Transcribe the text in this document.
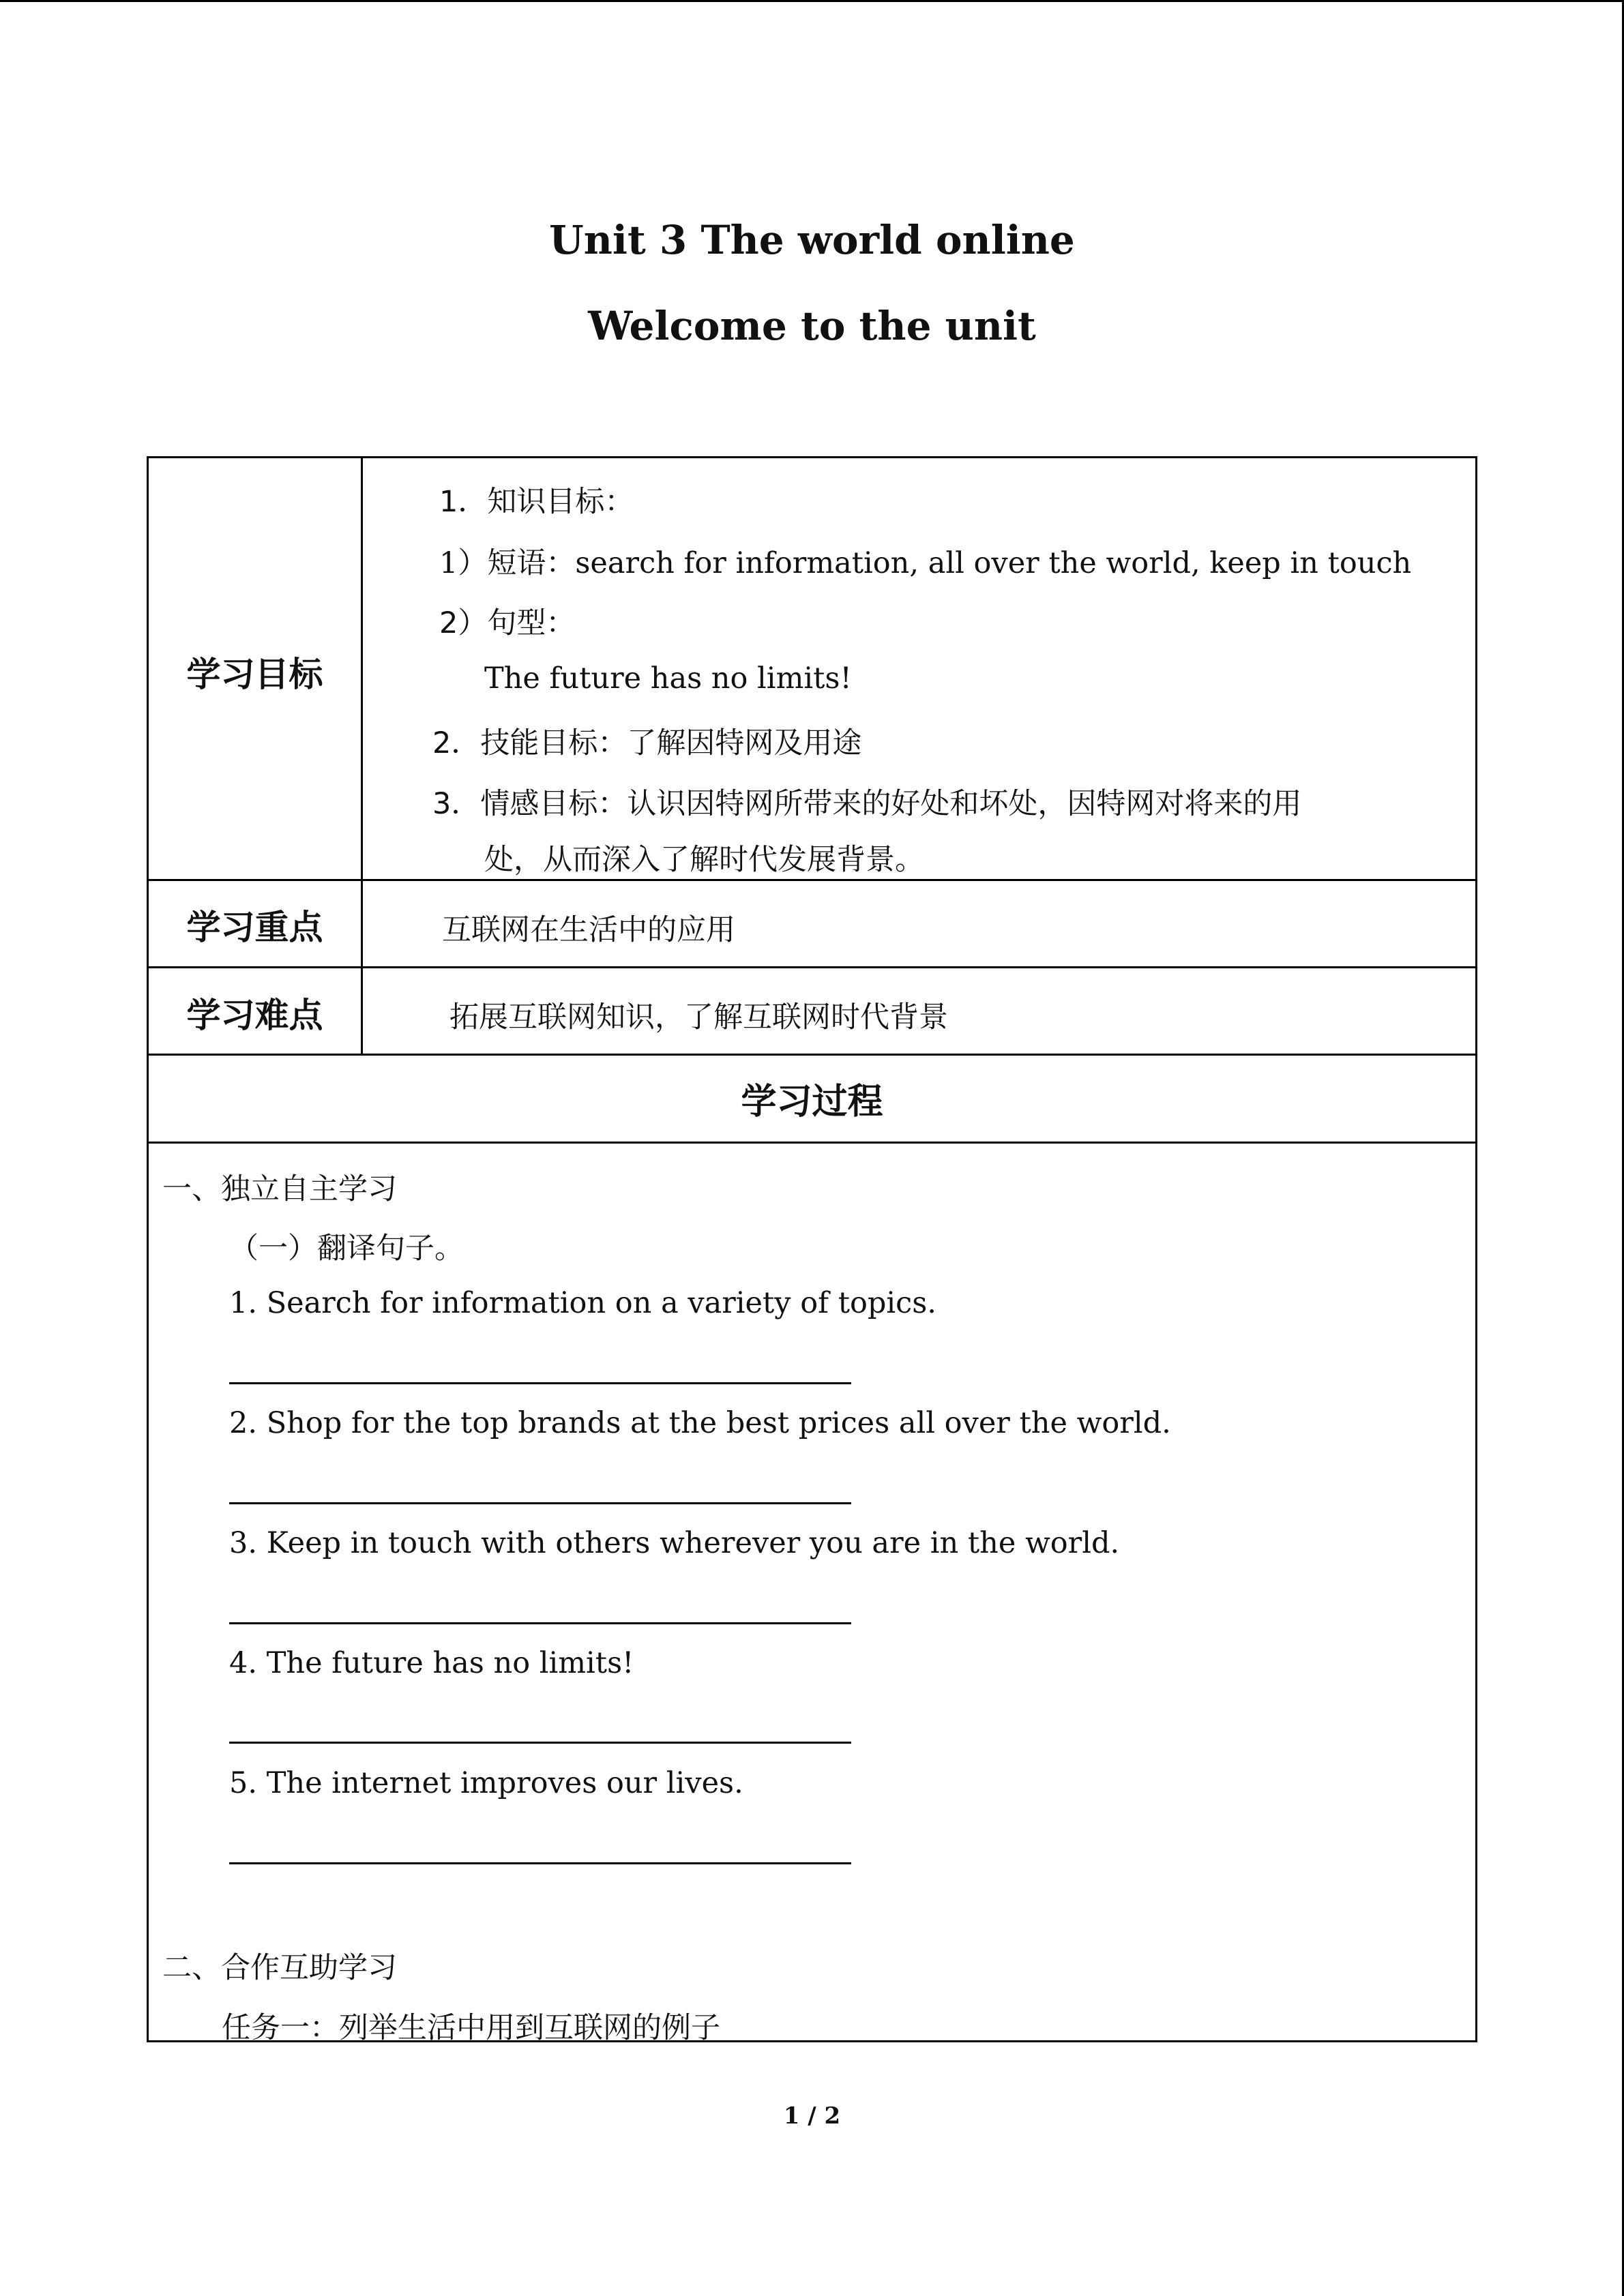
Unit 3 The world online
Welcome to the unit
学习目标
1．知识目标：
1）短语：search for information, all over the world, keep in touch
2）句型：
The future has no limits!
2．技能目标：了解因特网及用途
3．情感目标：认识因特网所带来的好处和坏处，因特网对将来的用
处，从而深入了解时代发展背景。
学习重点	互联网在生活中的应用
学习难点	拓展互联网知识，了解互联网时代背景
学习过程
一、独立自主学习
（一）翻译句子。
1. Search for information on a variety of topics.
2. Shop for the top brands at the best prices all over the world.
3. Keep in touch with others wherever you are in the world.
4. The future has no limits!
5. The internet improves our lives.
二、合作互助学习
任务一：列举生活中用到互联网的例子
1 / 2
